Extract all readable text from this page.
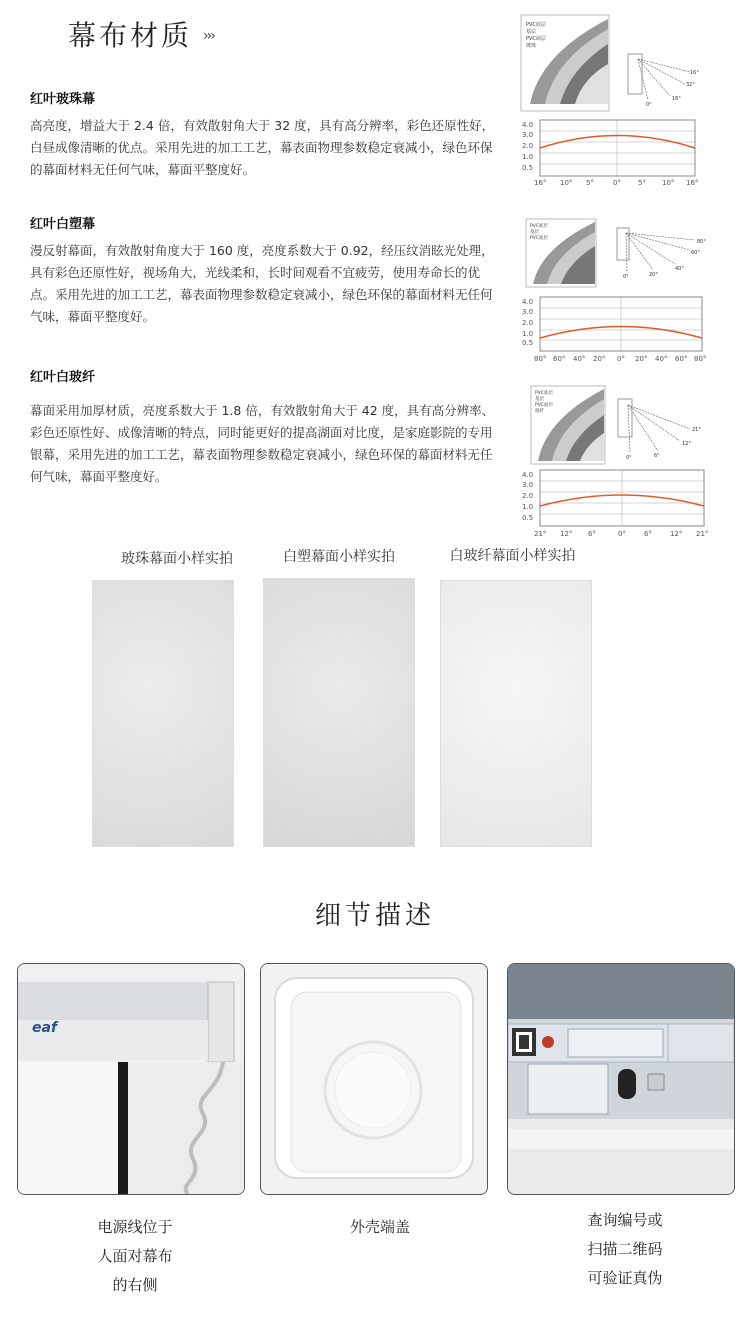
幕布材质 ›››
红叶玻珠幕
高亮度，增益大于 2.4 倍，有效散射角大于 32 度，具有高分辨率，彩色还原性好，白昼成像清晰的优点。采用先进的加工工艺，幕表面物理参数稳定衰减小，绿色环保的幕面材料无任何气味，幕面平整度好。
PVC底层
基层
PVC面层
玻珠
16°
32°
16°
0°
4.0
3.0
2.0
1.0
0.5
16° 10° 5°	0° 5° 10° 16°
红叶白塑幕
漫反射幕面，有效散射角度大于 160 度，亮度系数大于 0.92，经压纹消眩光处理，具有彩色还原性好，视场角大，光线柔和，长时间观看不宜疲劳，使用寿命长的优点。采用先进的加工工艺，幕表面物理参数稳定衰减小，绿色环保的幕面材料无任何气味，幕面平整度好。
PVC底层
基层
PVC面层
80°
60°
40°
20°
0°
4.0
3.0
2.0
1.0
0.5
80° 60° 40° 20° 0° 20° 40° 60° 80°
红叶白玻纤
幕面采用加厚材质，亮度系数大于 1.8 倍，有效散射角大于 42 度，具有高分辨率、彩色还原性好、成像清晰的特点，同时能更好的提高湖面对比度，是家庭影院的专用银幕，采用先进的加工工艺，幕表面物理参数稳定衰减小，绿色环保的幕面材料无任何气味，幕面平整度好。
PVC底层
基层
PVC面层
玻纤
21°
12°
6°
0°
4.0
3.0
2.0
1.0
0.5
21° 12° 6°	0°	6°	12° 21°
玻珠幕面小样实拍	白塑幕面小样实拍	白玻纤幕面小样实拍
细节描述
eaf
电源线位于
人面对幕布
的右侧
外壳端盖	查询编号或
扫描二维码
可验证真伪
